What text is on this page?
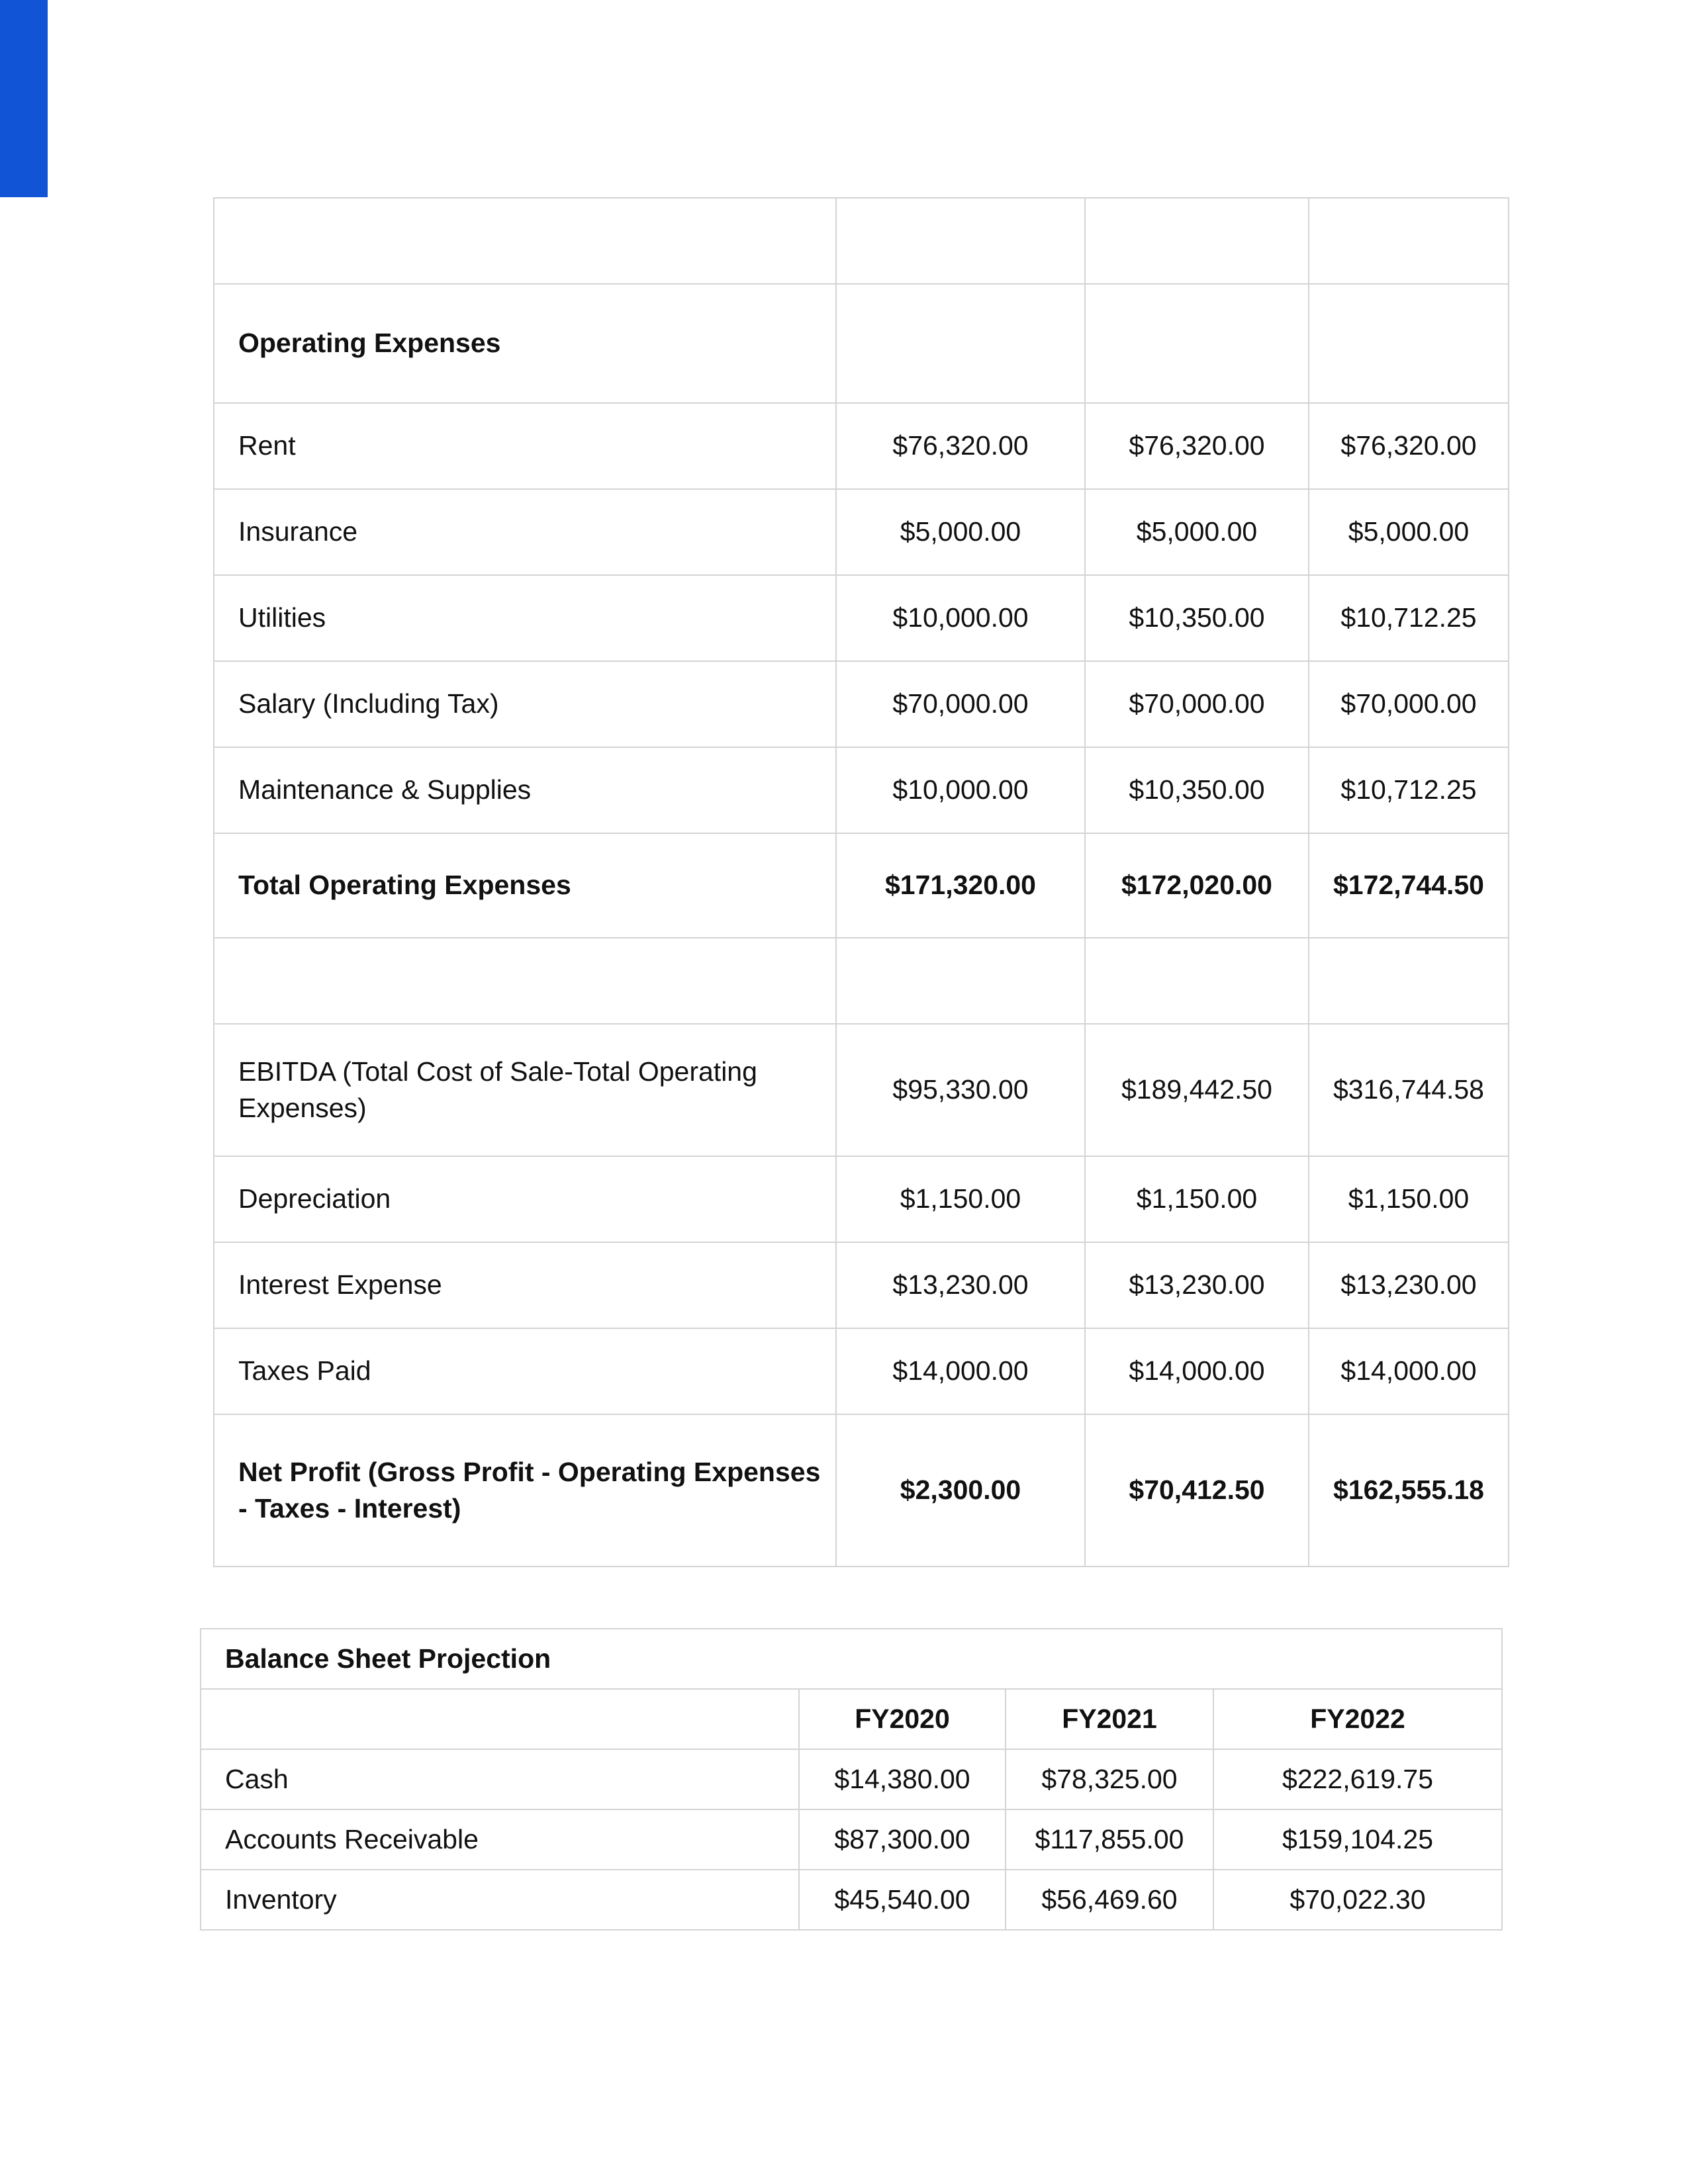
Operating Expenses			
Rent	$76,320.00	$76,320.00	$76,320.00
Insurance	$5,000.00	$5,000.00	$5,000.00
Utilities	$10,000.00	$10,350.00	$10,712.25
Salary (Including Tax)	$70,000.00	$70,000.00	$70,000.00
Maintenance & Supplies	$10,000.00	$10,350.00	$10,712.25
Total Operating Expenses	$171,320.00	$172,020.00	$172,744.50

EBITDA (Total Cost of Sale-Total Operating Expenses)	$95,330.00	$189,442.50	$316,744.58
Depreciation	$1,150.00	$1,150.00	$1,150.00
Interest Expense	$13,230.00	$13,230.00	$13,230.00
Taxes Paid	$14,000.00	$14,000.00	$14,000.00
Net Profit (Gross Profit - Operating Expenses - Taxes - Interest)	$2,300.00	$70,412.50	$162,555.18
Balance Sheet Projection			
	FY2020	FY2021	FY2022
Cash	$14,380.00	$78,325.00	$222,619.75
Accounts Receivable	$87,300.00	$117,855.00	$159,104.25
Inventory	$45,540.00	$56,469.60	$70,022.30
